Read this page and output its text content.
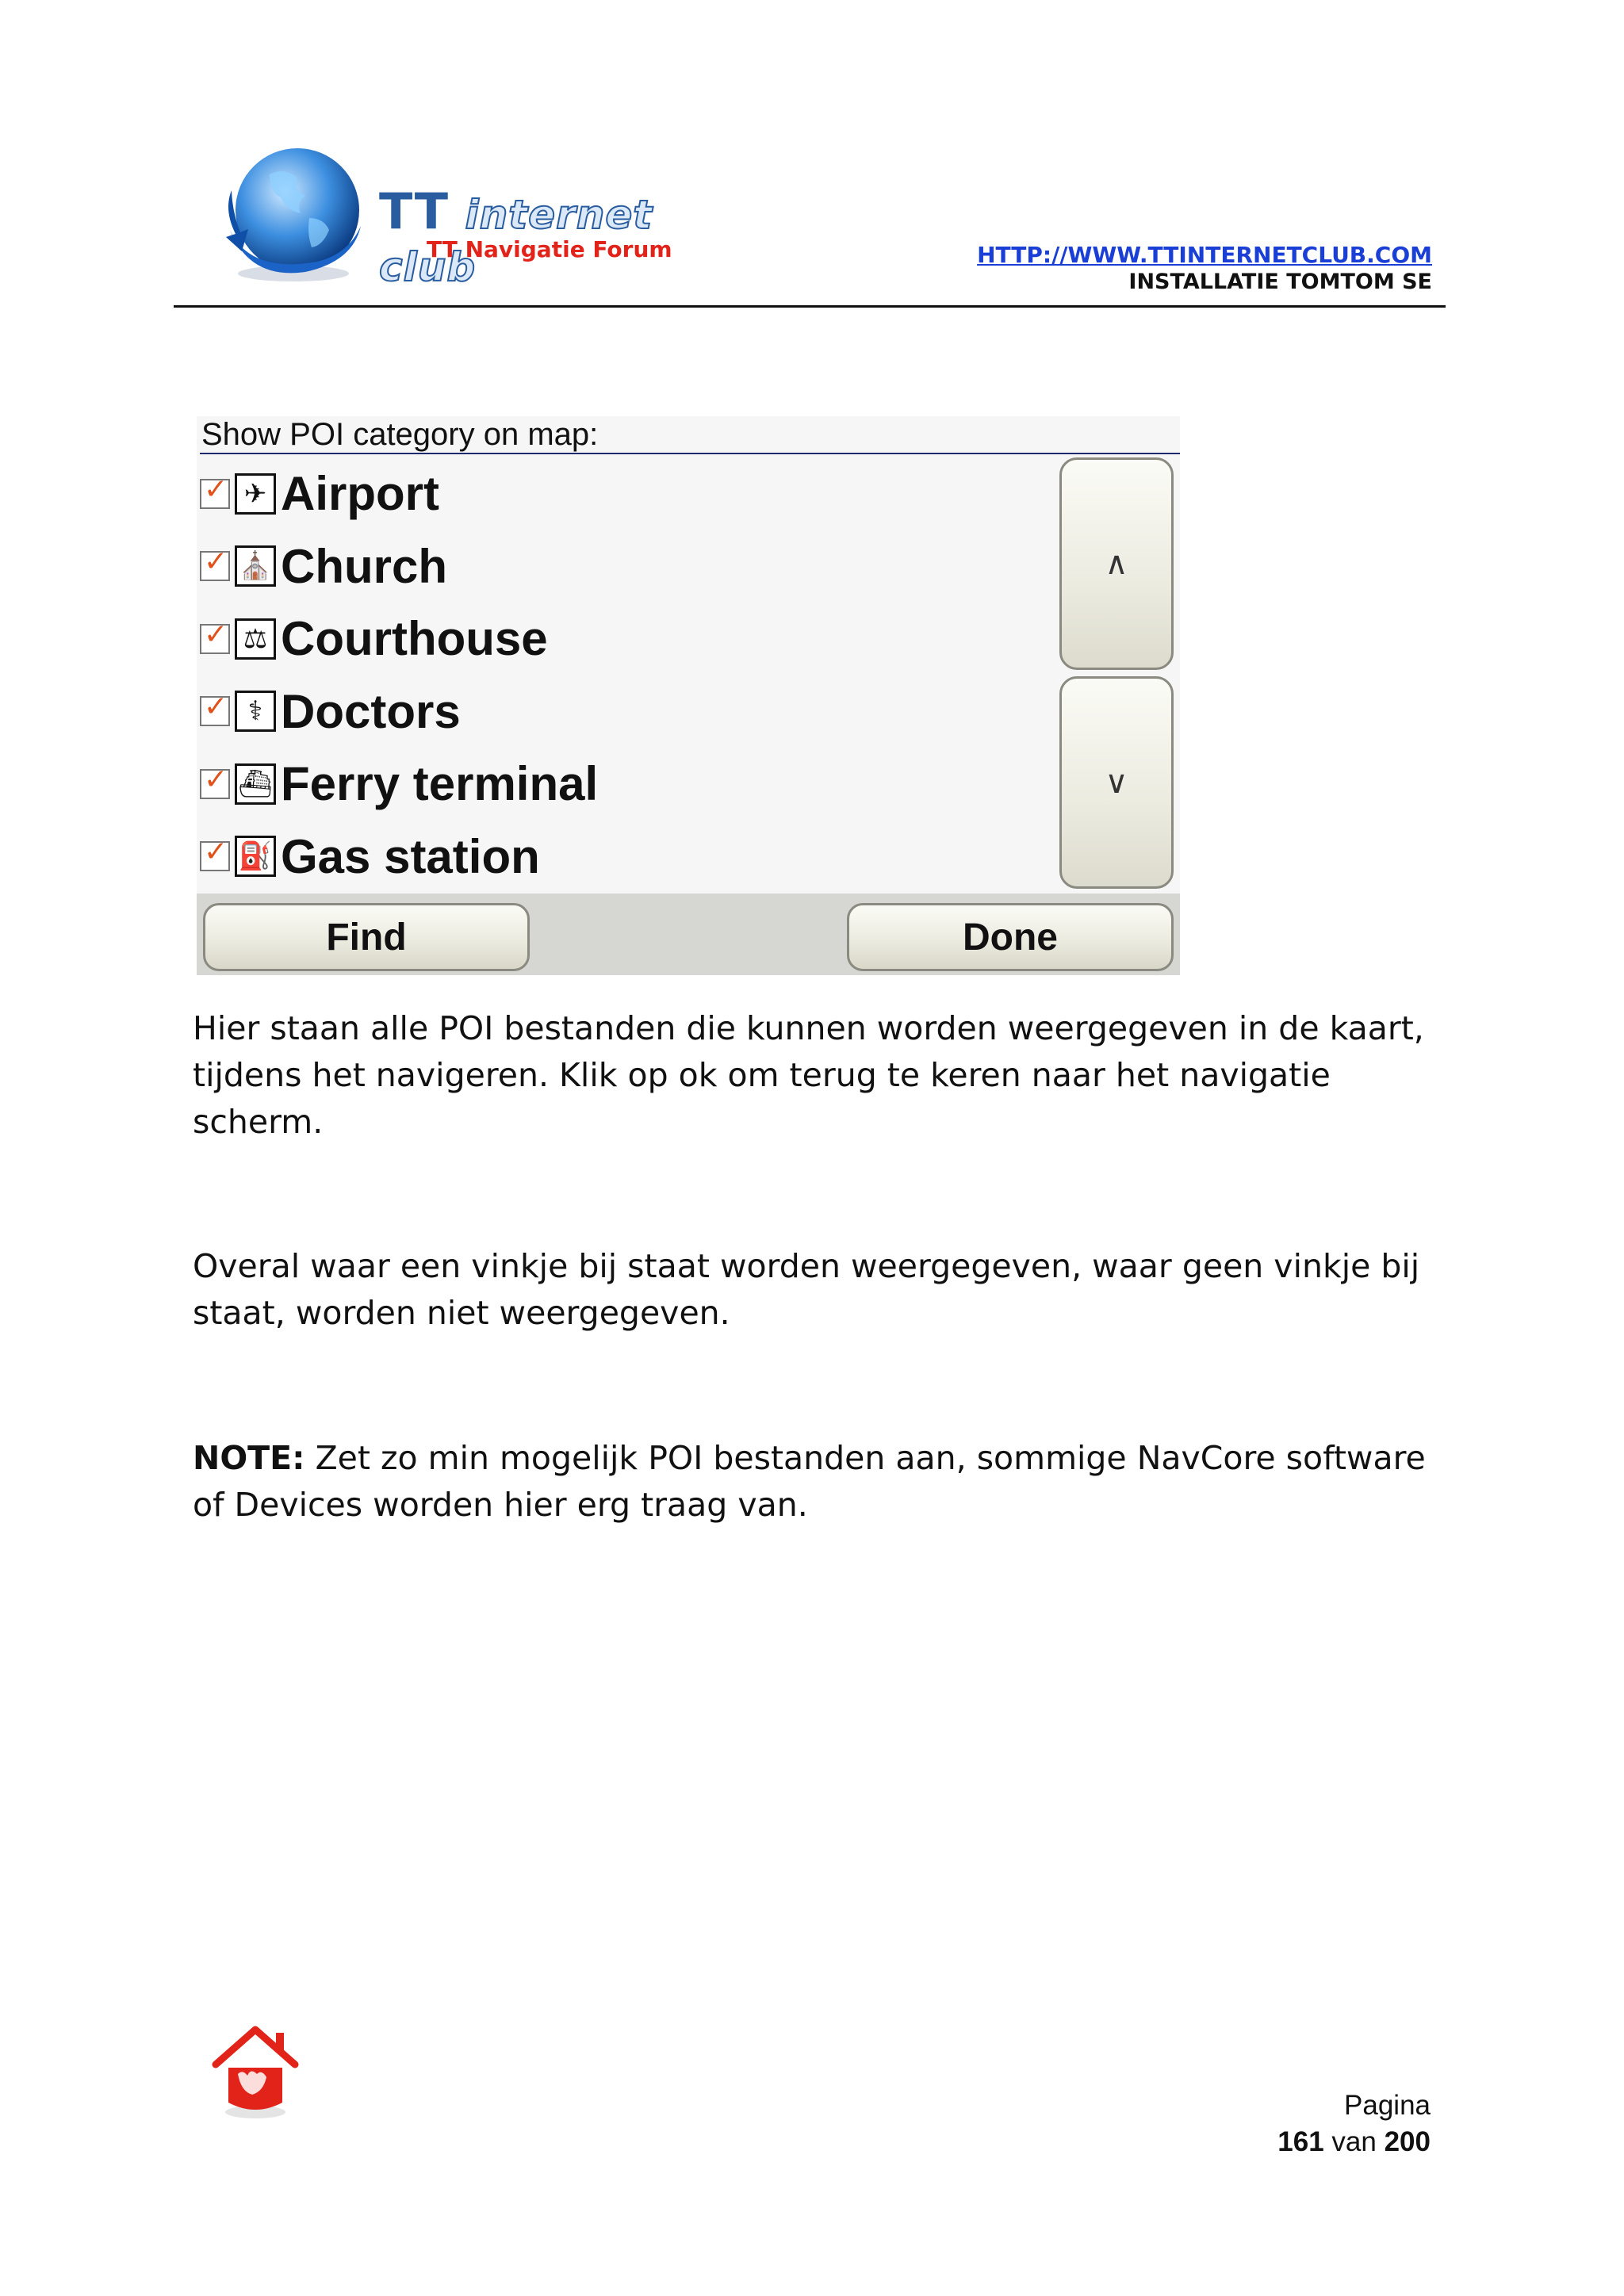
TT internet club
TT Navigatie Forum	HTTP://WWW.TTINTERNETCLUB.COM
INSTALLATIE TOMTOM SE
Show POI category on map:
✓ ✈ Airport
✓ ⛪ Church
✓ ⚖ Courthouse
✓ ⚕ Doctors
✓ ⛴ Ferry terminal
✓ ⛽ Gas station
∧
∨
Find	Done

Hier staan alle POI bestanden die kunnen worden weergegeven in de kaart, tijdens het navigeren. Klik op ok om terug te keren naar het navigatie scherm.

Overal waar een vinkje bij staat worden weergegeven, waar geen vinkje bij staat, worden niet weergegeven.

NOTE: Zet zo min mogelijk POI bestanden aan, sommige NavCore software of Devices worden hier erg traag van.

Pagina
161 van 200
